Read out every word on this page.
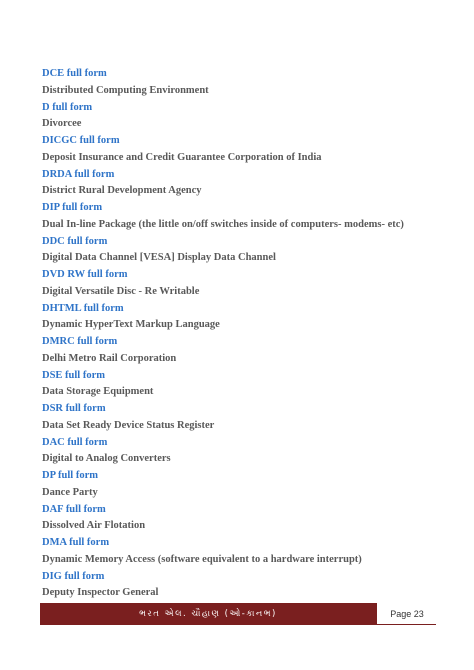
DCE full form
Distributed Computing Environment
D full form
Divorcee
DICGC full form
Deposit Insurance and Credit Guarantee Corporation of India
DRDA full form
District Rural Development Agency
DIP full form
Dual In-line Package (the little on/off switches inside of computers- modems- etc)
DDC full form
Digital Data Channel [VESA] Display Data Channel
DVD RW full form
Digital Versatile Disc - Re Writable
DHTML full form
Dynamic HyperText Markup Language
DMRC full form
Delhi Metro Rail Corporation
DSE full form
Data Storage Equipment
DSR full form
Data Set Ready Device Status Register
DAC full form
Digital to Analog Converters
DP full form
Dance Party
DAF full form
Dissolved Air Flotation
DMA full form
Dynamic Memory Access (software equivalent to a hardware interrupt)
DIG full form
Deputy Inspector General
ભરત એલ. ચૌહાણ (ઓ-કાનભ)	Page 23
